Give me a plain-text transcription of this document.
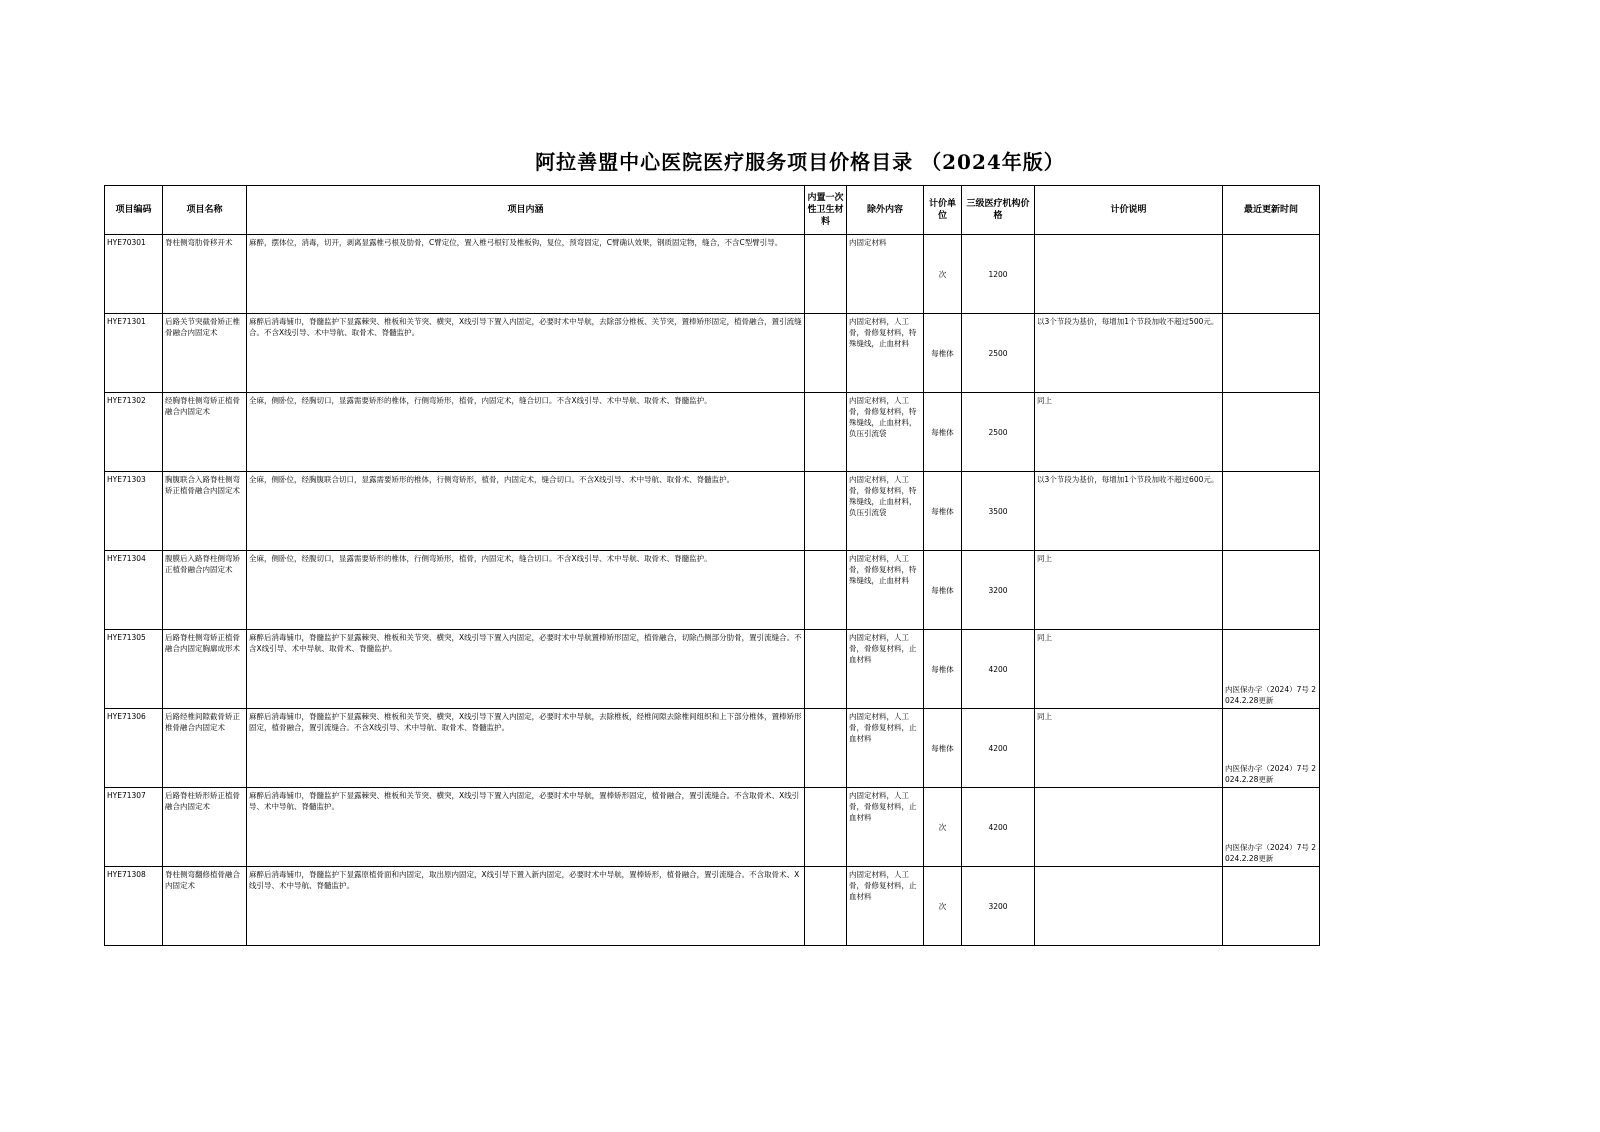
阿拉善盟中心医院医疗服务项目价格目录 （2024年版）
项目编码	项目名称	项目内涵	内置一次性卫生材料	除外内容	计价单位	三级医疗机构价格	计价说明	最近更新时间
HYE70301	脊柱侧弯肋骨移开术	麻醉，摆体位，消毒，切开，剥离显露椎弓根及肋骨，C臂定位，置入椎弓根钉及椎板钩，复位，预弯固定，C臂确认效果，钢质固定物，缝合，不含C型臂引导。		内固定材料	次	1200		
HYE71301	后路关节突截骨矫正椎骨融合内固定术	麻醉后消毒铺巾，脊髓监护下显露棘突、椎板和关节突、横突，X线引导下置入内固定，必要时术中导航，去除部分椎板、关节突，置棒矫形固定，植骨融合，置引流缝合。不含X线引导、术中导航、取骨术、脊髓监护。		内固定材料，人工骨，骨修复材料，特殊缝线，止血材料	每椎体	2500	以3个节段为基价，每增加1个节段加收不超过500元。	
HYE71302	经胸脊柱侧弯矫正植骨融合内固定术	全麻，侧卧位，经胸切口，显露需要矫形的椎体，行侧弯矫形，植骨，内固定术，缝合切口。不含X线引导、术中导航、取骨术、脊髓监护。		内固定材料，人工骨，骨修复材料，特殊缝线，止血材料，负压引流袋	每椎体	2500	同上	
HYE71303	胸腹联合入路脊柱侧弯矫正植骨融合内固定术	全麻，侧卧位，经胸腹联合切口，显露需要矫形的椎体，行侧弯矫形，植骨，内固定术，缝合切口。不含X线引导、术中导航、取骨术、脊髓监护。		内固定材料，人工骨，骨修复材料，特殊缝线，止血材料，负压引流袋	每椎体	3500	以3个节段为基价，每增加1个节段加收不超过600元。	
HYE71304	腹膜后入路脊柱侧弯矫正植骨融合内固定术	全麻，侧卧位，经腹切口，显露需要矫形的椎体，行侧弯矫形，植骨，内固定术，缝合切口。不含X线引导、术中导航、取骨术、脊髓监护。		内固定材料，人工骨，骨修复材料，特殊缝线，止血材料	每椎体	3200	同上	
HYE71305	后路脊柱侧弯矫正植骨融合内固定胸廓成形术	麻醉后消毒铺巾，脊髓监护下显露棘突、椎板和关节突、横突，X线引导下置入内固定，必要时术中导航置棒矫形固定，植骨融合，切除凸侧部分肋骨，置引流缝合。不含X线引导、术中导航、取骨术、脊髓监护。		内固定材料，人工骨，骨修复材料，止血材料	每椎体	4200	同上	内医保办字（2024）7号 2024.2.28更新
HYE71306	后路经椎间隙截骨矫正椎骨融合内固定术	麻醉后消毒铺巾，脊髓监护下显露棘突、椎板和关节突、横突，X线引导下置入内固定，必要时术中导航，去除椎板，经椎间隙去除椎间组织和上下部分椎体，置棒矫形固定，植骨融合，置引流缝合。不含X线引导、术中导航、取骨术、脊髓监护。		内固定材料，人工骨，骨修复材料，止血材料	每椎体	4200	同上	内医保办字（2024）7号 2024.2.28更新
HYE71307	后路脊柱矫形矫正植骨融合内固定术	麻醉后消毒铺巾，脊髓监护下显露棘突、椎板和关节突、横突，X线引导下置入内固定，必要时术中导航，置棒矫形固定，植骨融合，置引流缝合。不含取骨术、X线引导、术中导航、脊髓监护。		内固定材料，人工骨，骨修复材料，止血材料	次	4200		内医保办字（2024）7号 2024.2.28更新
HYE71308	脊柱侧弯翻修植骨融合内固定术	麻醉后消毒铺巾，脊髓监护下显露原植骨面和内固定，取出原内固定，X线引导下置入新内固定，必要时术中导航，置棒矫形，植骨融合，置引流缝合。不含取骨术、X线引导、术中导航、脊髓监护。		内固定材料，人工骨，骨修复材料，止血材料	次	3200		
